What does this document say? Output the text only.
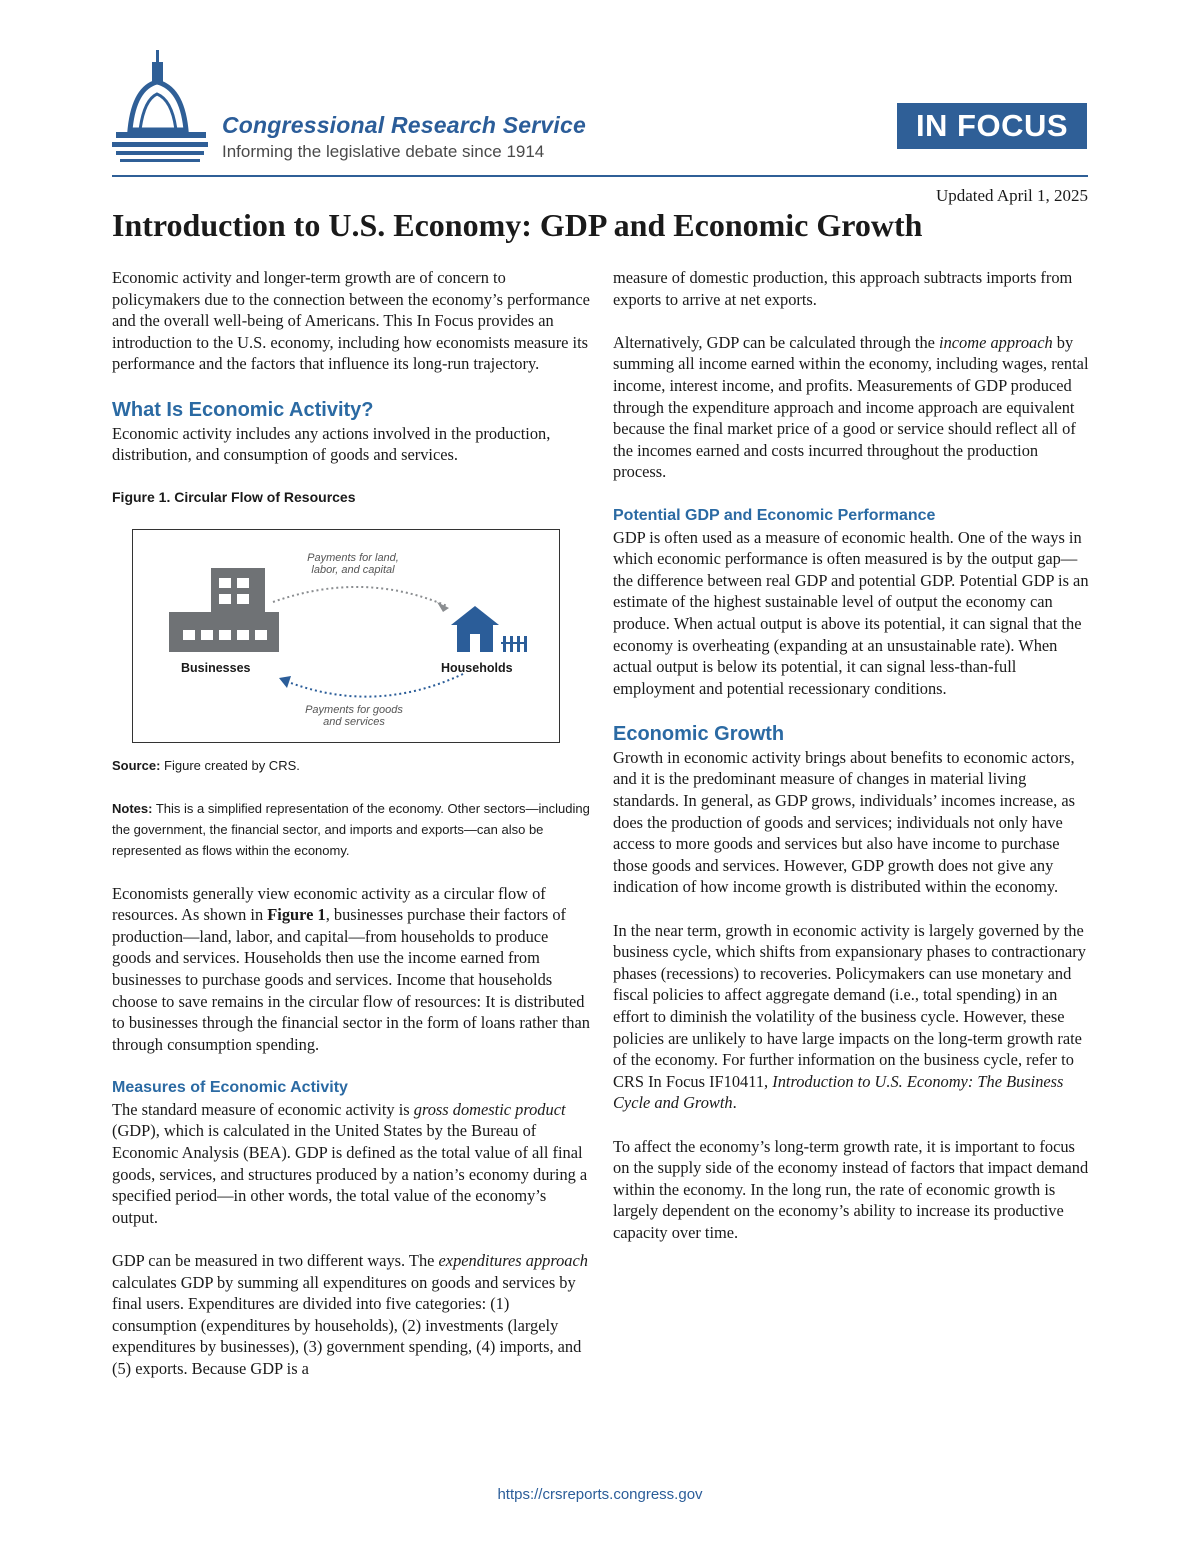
Congressional Research Service
Informing the legislative debate since 1914
IN FOCUS
Updated April 1, 2025
Introduction to U.S. Economy: GDP and Economic Growth

Economic activity and longer-term growth are of concern to policymakers due to the connection between the economy’s performance and the overall well-being of Americans. This In Focus provides an introduction to the U.S. economy, including how economists measure its performance and the factors that influence its long-run trajectory.

What Is Economic Activity?

Economic activity includes any actions involved in the production, distribution, and consumption of goods and services.

Figure 1. Circular Flow of Resources

Payments for land, labor, and capital
Payments for goods and services
Businesses	Households

Source: Figure created by CRS.

Notes: This is a simplified representation of the economy. Other sectors—including the government, the financial sector, and imports and exports—can also be represented as flows within the economy.

Economists generally view economic activity as a circular flow of resources. As shown in Figure 1, businesses purchase their factors of production—land, labor, and capital—from households to produce goods and services. Households then use the income earned from businesses to purchase goods and services. Income that households choose to save remains in the circular flow of resources: It is distributed to businesses through the financial sector in the form of loans rather than through consumption spending.

Measures of Economic Activity

The standard measure of economic activity is gross domestic product (GDP), which is calculated in the United States by the Bureau of Economic Analysis (BEA). GDP is defined as the total value of all final goods, services, and structures produced by a nation’s economy during a specified period—in other words, the total value of the economy’s output.

GDP can be measured in two different ways. The expenditures approach calculates GDP by summing all expenditures on goods and services by final users. Expenditures are divided into five categories: (1) consumption (expenditures by households), (2) investments (largely expenditures by businesses), (3) government spending, (4) imports, and (5) exports. Because GDP is a

measure of domestic production, this approach subtracts imports from exports to arrive at net exports.

Alternatively, GDP can be calculated through the income approach by summing all income earned within the economy, including wages, rental income, interest income, and profits. Measurements of GDP produced through the expenditure approach and income approach are equivalent because the final market price of a good or service should reflect all of the incomes earned and costs incurred throughout the production process.

Potential GDP and Economic Performance

GDP is often used as a measure of economic health. One of the ways in which economic performance is often measured is by the output gap—the difference between real GDP and potential GDP. Potential GDP is an estimate of the highest sustainable level of output the economy can produce. When actual output is above its potential, it can signal that the economy is overheating (expanding at an unsustainable rate). When actual output is below its potential, it can signal less-than-full employment and potential recessionary conditions.

Economic Growth

Growth in economic activity brings about benefits to economic actors, and it is the predominant measure of changes in material living standards. In general, as GDP grows, individuals’ incomes increase, as does the production of goods and services; individuals not only have access to more goods and services but also have income to purchase those goods and services. However, GDP growth does not give any indication of how income growth is distributed within the economy.

In the near term, growth in economic activity is largely governed by the business cycle, which shifts from expansionary phases to contractionary phases (recessions) to recoveries. Policymakers can use monetary and fiscal policies to affect aggregate demand (i.e., total spending) in an effort to diminish the volatility of the business cycle. However, these policies are unlikely to have large impacts on the long-term growth rate of the economy. For further information on the business cycle, refer to CRS In Focus IF10411, Introduction to U.S. Economy: The Business Cycle and Growth.

To affect the economy’s long-term growth rate, it is important to focus on the supply side of the economy instead of factors that impact demand within the economy. In the long run, the rate of economic growth is largely dependent on the economy’s ability to increase its productive capacity over time.

https://crsreports.congress.gov
